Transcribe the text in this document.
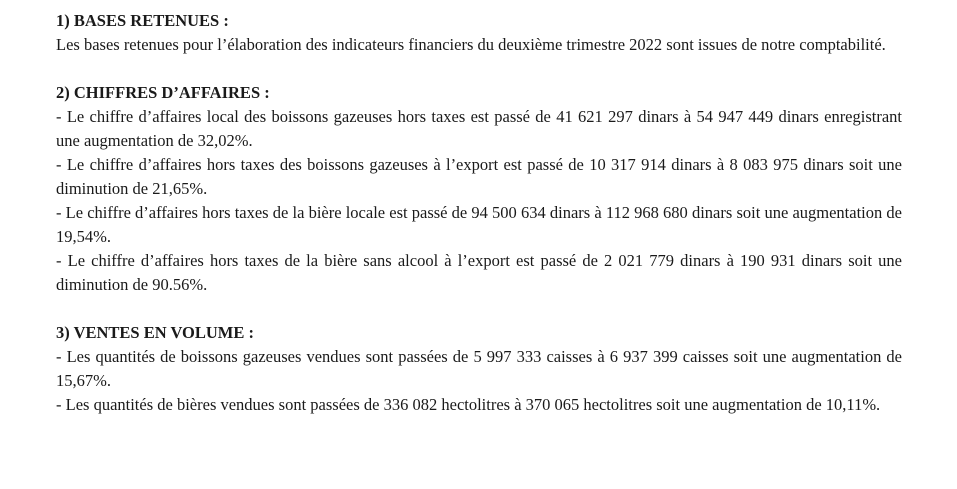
1) BASES RETENUES :

Les bases retenues pour l’élaboration des indicateurs financiers du deuxième trimestre 2022 sont issues de notre comptabilité.

2) CHIFFRES D’AFFAIRES :

- Le chiffre d’affaires local des boissons gazeuses hors taxes est passé de 41 621 297 dinars à 54 947 449 dinars enregistrant une augmentation de 32,02%.

- Le chiffre d’affaires hors taxes des boissons gazeuses à l’export est passé de 10 317 914 dinars à 8 083 975 dinars soit une diminution de 21,65%.

- Le chiffre d’affaires hors taxes de la bière locale est passé de 94 500 634 dinars à 112 968 680 dinars soit une augmentation de 19,54%.

- Le chiffre d’affaires hors taxes de la bière sans alcool à l’export est passé de 2 021 779 dinars à 190 931 dinars soit une diminution de 90.56%.

3) VENTES EN VOLUME :

- Les quantités de boissons gazeuses vendues sont passées de 5 997 333 caisses à 6 937 399 caisses soit une augmentation de 15,67%.

- Les quantités de bières vendues sont passées de 336 082 hectolitres à 370 065 hectolitres soit une augmentation de 10,11%.
